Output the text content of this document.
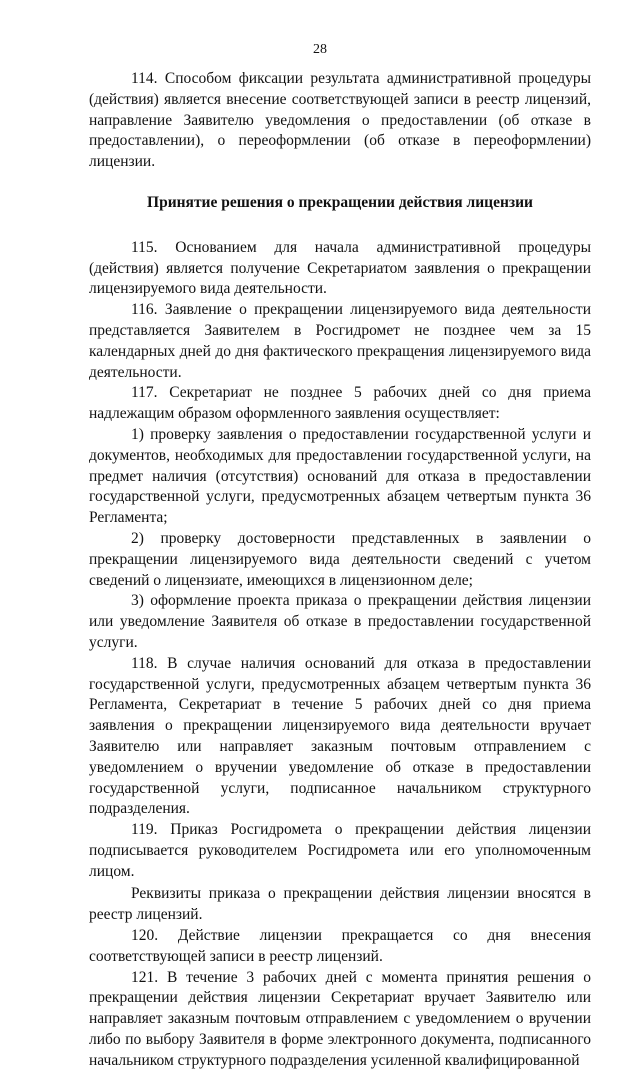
28

114. Способом фиксации результата административной процедуры (действия) является внесение соответствующей записи в реестр лицензий, направление Заявителю уведомления о предоставлении (об отказе в предоставлении), о переоформлении (об отказе в переоформлении) лицензии.

Принятие решения о прекращении действия лицензии

115. Основанием для начала административной процедуры (действия) является получение Секретариатом заявления о прекращении лицензируемого вида деятельности.

116. Заявление о прекращении лицензируемого вида деятельности представляется Заявителем в Росгидромет не позднее чем за 15 календарных дней до дня фактического прекращения лицензируемого вида деятельности.

117. Секретариат не позднее 5 рабочих дней со дня приема надлежащим образом оформленного заявления осуществляет:

1) проверку заявления о предоставлении государственной услуги и документов, необходимых для предоставлении государственной услуги, на предмет наличия (отсутствия) оснований для отказа в предоставлении государственной услуги, предусмотренных абзацем четвертым пункта 36 Регламента;

2) проверку достоверности представленных в заявлении о прекращении лицензируемого вида деятельности сведений с учетом сведений о лицензиате, имеющихся в лицензионном деле;

3) оформление проекта приказа о прекращении действия лицензии или уведомление Заявителя об отказе в предоставлении государственной услуги.

118. В случае наличия оснований для отказа в предоставлении государственной услуги, предусмотренных абзацем четвертым пункта 36 Регламента, Секретариат в течение 5 рабочих дней со дня приема заявления о прекращении лицензируемого вида деятельности вручает Заявителю или направляет заказным почтовым отправлением с уведомлением о вручении уведомление об отказе в предоставлении государственной услуги, подписанное начальником структурного подразделения.

119. Приказ Росгидромета о прекращении действия лицензии подписывается руководителем Росгидромета или его уполномоченным лицом.

Реквизиты приказа о прекращении действия лицензии вносятся в реестр лицензий.

120. Действие лицензии прекращается со дня внесения соответствующей записи в реестр лицензий.

121. В течение 3 рабочих дней с момента принятия решения о прекращении действия лицензии Секретариат вручает Заявителю или направляет заказным почтовым отправлением с уведомлением о вручении либо по выбору Заявителя в форме электронного документа, подписанного начальником структурного подразделения усиленной квалифицированной
